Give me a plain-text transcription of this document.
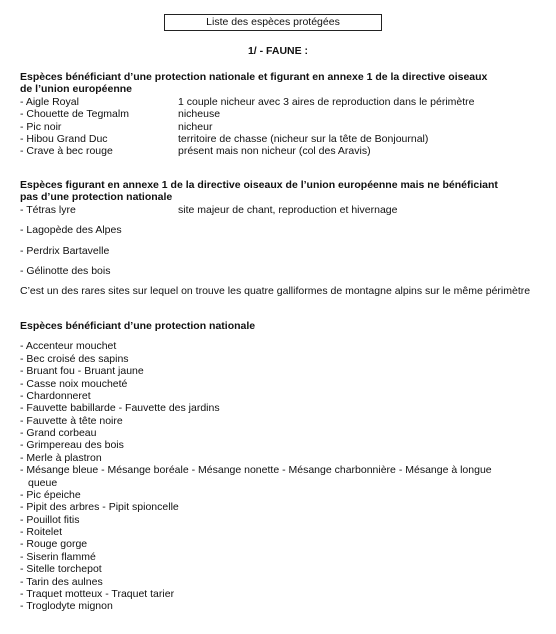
Liste des espèces protégées
1/ - FAUNE :
Espèces bénéficiant d’une protection nationale et figurant en annexe 1 de la directive oiseaux
de l’union européenne
- Aigle Royal	1 couple nicheur avec 3 aires de reproduction dans le périmètre
- Chouette de Tegmalm	nicheuse
- Pic noir	nicheur
- Hibou Grand Duc	territoire de chasse (nicheur sur la tête de Bonjournal)
- Crave à bec rouge	présent mais non nicheur (col des Aravis)
Espèces figurant en annexe 1 de la directive oiseaux de l’union européenne mais ne bénéficiant
pas d’une protection nationale
- Tétras lyre	site majeur de chant, reproduction et hivernage
- Lagopède des Alpes
- Perdrix Bartavelle
- Gélinotte des bois
C’est un des rares sites sur lequel on trouve les quatre galliformes de montagne alpins sur le même périmètre
Espèces bénéficiant d’une protection nationale
- Accenteur mouchet
- Bec croisé des sapins
- Bruant fou - Bruant jaune
- Casse noix moucheté
- Chardonneret
- Fauvette babillarde - Fauvette des jardins
- Fauvette à tête noire
- Grand corbeau
- Grimpereau des bois
- Merle à plastron
- Mésange bleue - Mésange boréale - Mésange nonette - Mésange charbonnière - Mésange à longue
queue
- Pic épeiche
- Pipit des arbres - Pipit spioncelle
- Pouillot fitis
- Roitelet
- Rouge gorge
- Siserin flammé
- Sitelle torchepot
- Tarin des aulnes
- Traquet motteux - Traquet tarier
- Troglodyte mignon
